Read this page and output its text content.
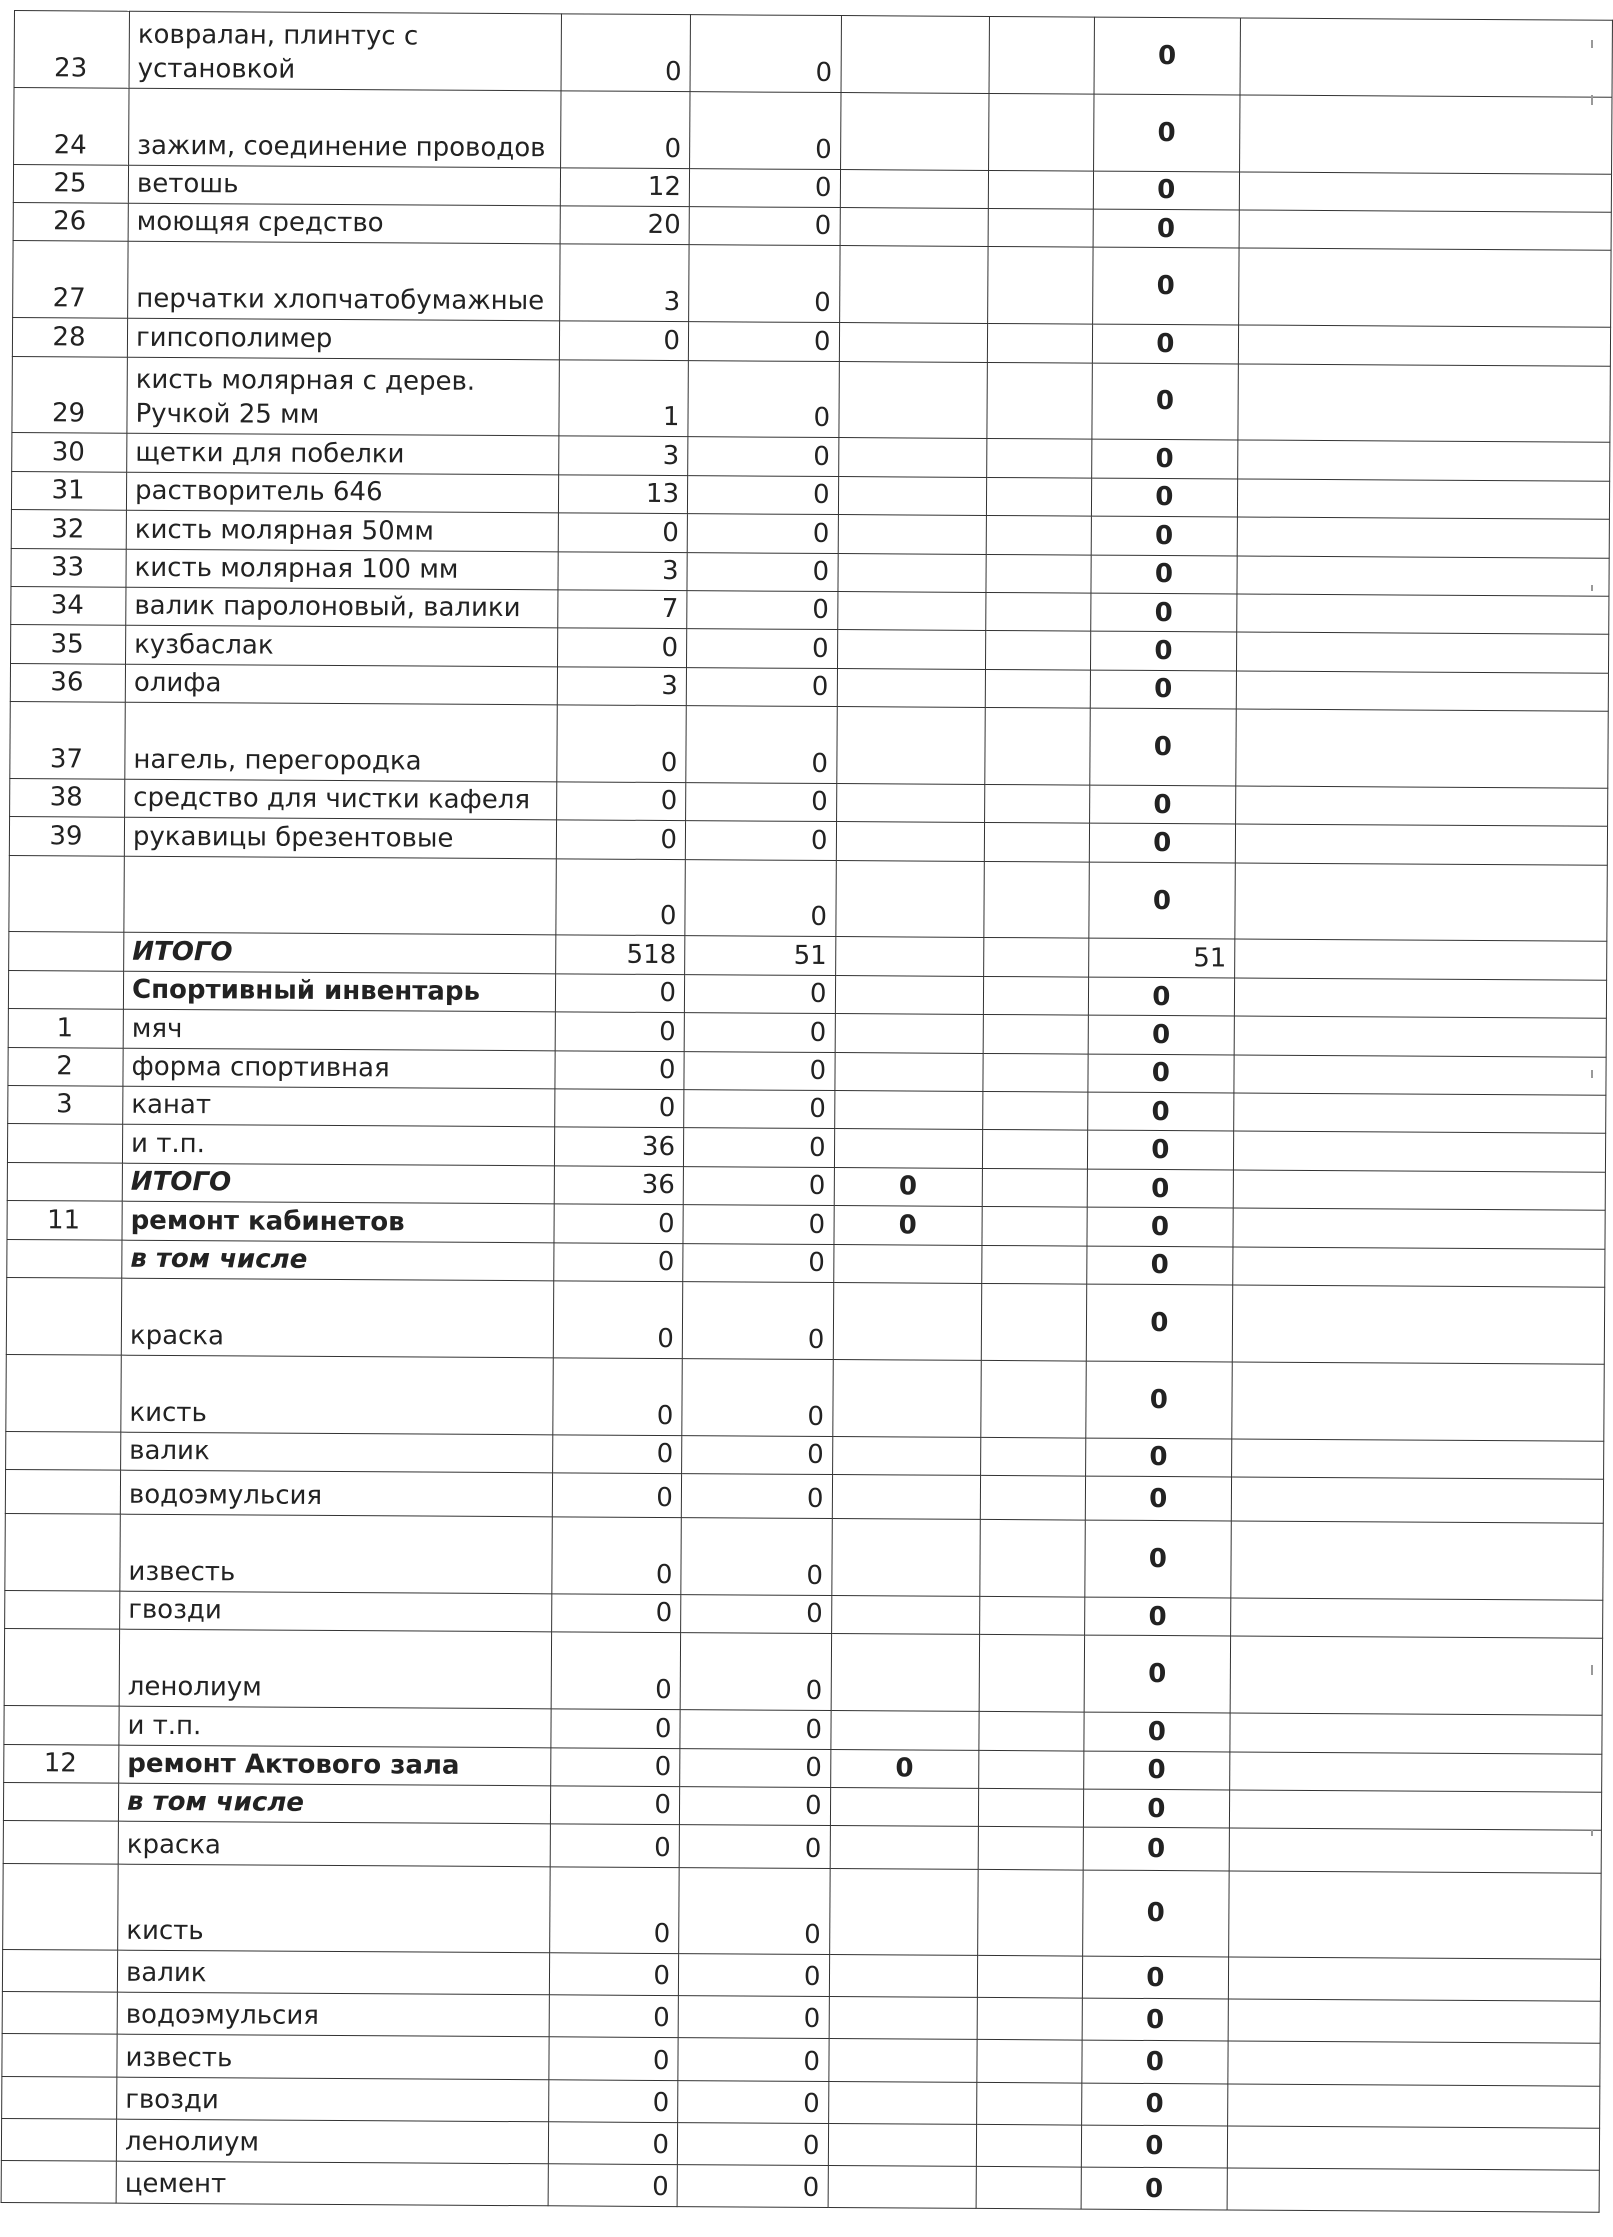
23	ковралан, плинтус с установкой	0	0			0	
24	зажим, соединение проводов	0	0			0	
25	ветошь	12	0			0	
26	моющяя средство	20	0			0	
27	перчатки хлопчатобумажные	3	0			0	
28	гипсополимер	0	0			0	
29	кисть молярная с дерев. Ручкой 25 мм	1	0			0	
30	щетки для побелки	3	0			0	
31	растворитель 646	13	0			0	
32	кисть молярная 50мм	0	0			0	
33	кисть молярная 100 мм	3	0			0	
34	валик паролоновый, валики	7	0			0	
35	кузбаслак	0	0			0	
36	олифа	3	0			0	
37	нагель, перегородка	0	0			0	
38	средство для чистки кафеля	0	0			0	
39	рукавицы брезентовые	0	0			0	
		0	0			0	
	ИТОГО	518	51			51	
	Спортивный инвентарь	0	0			0	
1	мяч	0	0			0	
2	форма спортивная	0	0			0	
3	канат	0	0			0	
	и т.п.	36	0			0	
	ИТОГО	36	0	0		0	
11	ремонт кабинетов	0	0	0		0	
	в том числе	0	0			0	
	краска	0	0			0	
	кисть	0	0			0	
	валик	0	0			0	
	водоэмульсия	0	0			0	
	известь	0	0			0	
	гвозди	0	0			0	
	ленолиум	0	0			0	
	и т.п.	0	0			0	
12	ремонт Актового зала	0	0	0		0	
	в том числе	0	0			0	
	краска	0	0			0	
	кисть	0	0			0	
	валик	0	0			0	
	водоэмульсия	0	0			0	
	известь	0	0			0	
	гвозди	0	0			0	
	ленолиум	0	0			0	
	цемент	0	0			0	
